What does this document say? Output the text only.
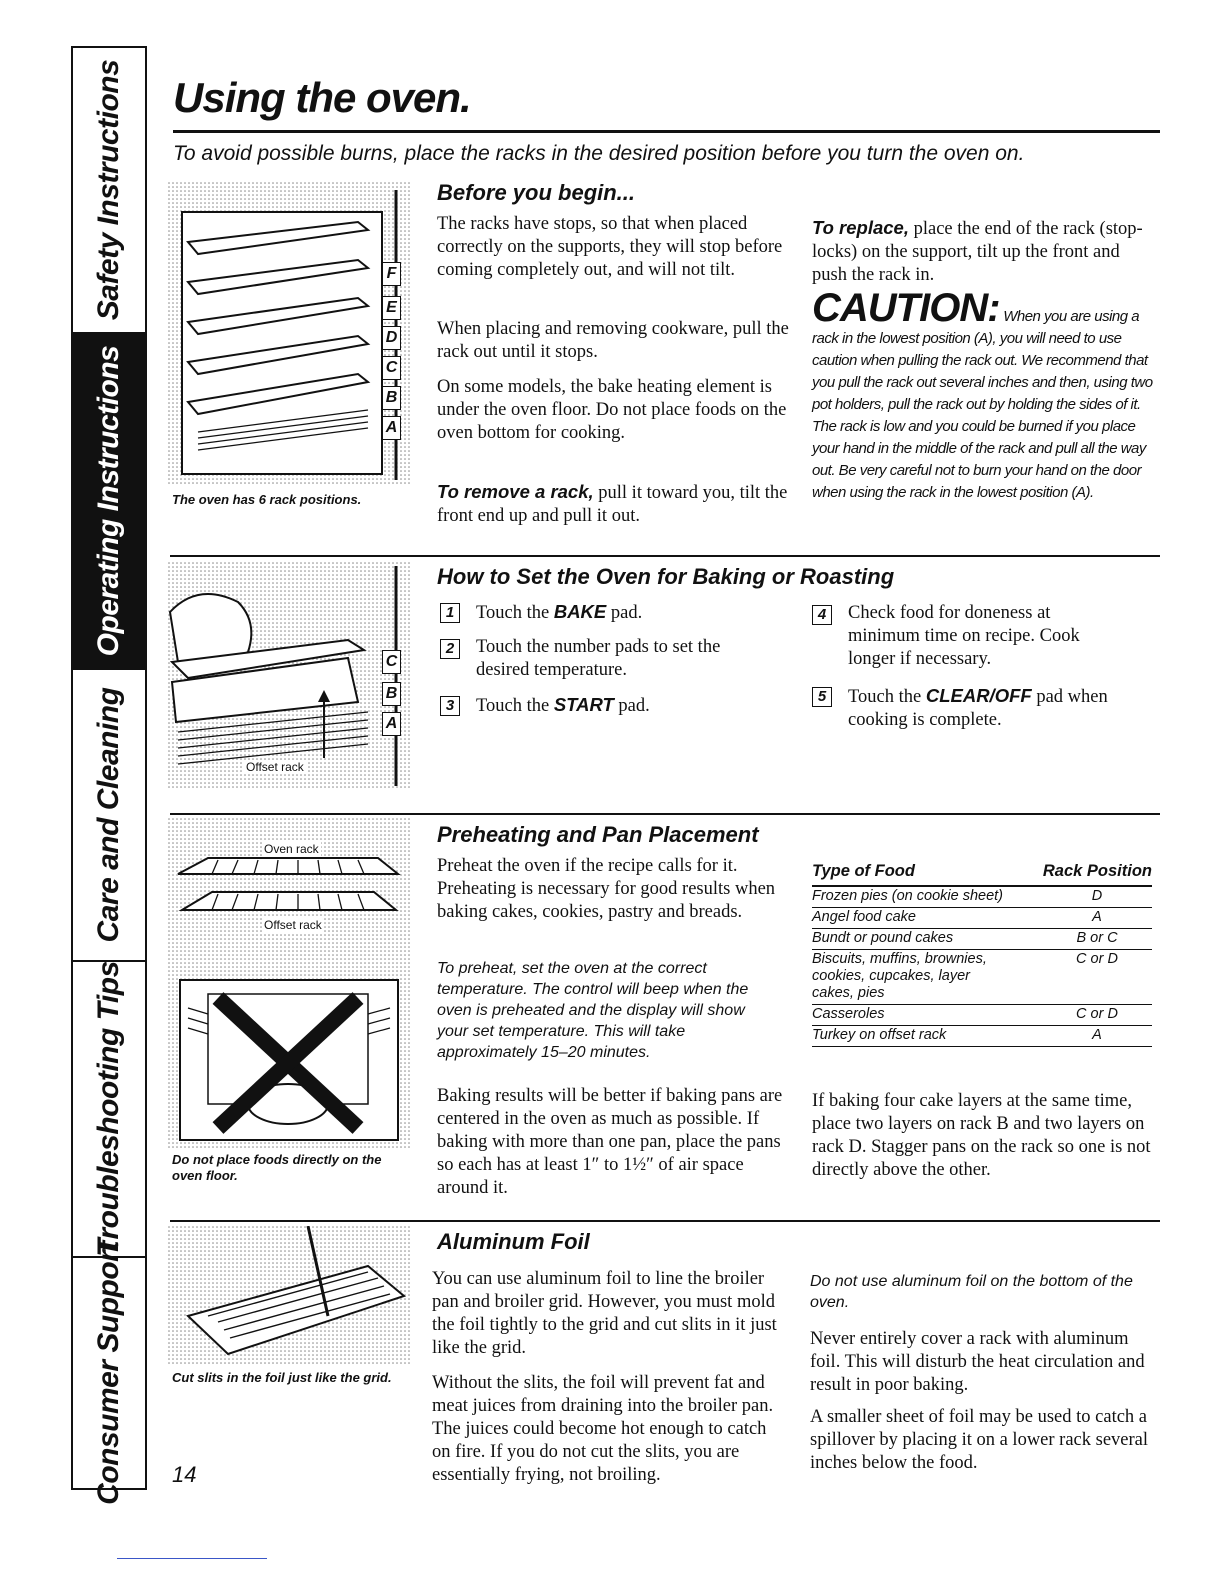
Safety Instructions
Operating Instructions
Care and Cleaning
Troubleshooting Tips
Consumer Support
Using the oven.

To avoid possible burns, place the racks in the desired position before you turn the oven on.

F
E
D
C
B
A

The oven has 6 rack positions.

Before you begin...

The racks have stops, so that when placed correctly on the supports, they will stop before coming completely out, and will not tilt.

When placing and removing cookware, pull the rack out until it stops.

On some models, the bake heating element is under the oven floor. Do not place foods on the oven bottom for cooking.

To remove a rack, pull it toward you, tilt the front end up and pull it out.

To replace, place the end of the rack (stop-locks) on the support, tilt up the front and push the rack in.

CAUTION: When you are using a rack in the lowest position (A), you will need to use caution when pulling the rack out. We recommend that you pull the rack out several inches and then, using two pot holders, pull the rack out by holding the sides of it. The rack is low and you could be burned if you place your hand in the middle of the rack and pull all the way out. Be very careful not to burn your hand on the door when using the rack in the lowest position (A).
C
B
A
Offset rack
How to Set the Oven for Baking or Roasting
1	Touch the BAKE pad.
2	Touch the number pads to set the desired temperature.
3	Touch the START pad.
4	Check food for doneness at minimum time on recipe. Cook longer if necessary.
5	Touch the CLEAR/OFF pad when cooking is complete.
Oven rack
Offset rack

Do not place foods directly on the oven floor.

Preheating and Pan Placement

Preheat the oven if the recipe calls for it. Preheating is necessary for good results when baking cakes, cookies, pastry and breads.

To preheat, set the oven at the correct temperature. The control will beep when the oven is preheated and the display will show your set temperature. This will take approximately 15–20 minutes.

Baking results will be better if baking pans are centered in the oven as much as possible. If baking with more than one pan, place the pans so each has at least 1″ to 1½″ of air space around it.

Type of Food	Rack Position
Frozen pies (on cookie sheet)	D
Angel food cake	A
Bundt or pound cakes	B or C
Biscuits, muffins, brownies, cookies, cupcakes, layer cakes, pies	C or D
Casseroles	C or D
Turkey on offset rack	A

If baking four cake layers at the same time, place two layers on rack B and two layers on rack D. Stagger pans on the rack so one is not directly above the other.

Cut slits in the foil just like the grid.

Aluminum Foil

You can use aluminum foil to line the broiler pan and broiler grid. However, you must mold the foil tightly to the grid and cut slits in it just like the grid.

Without the slits, the foil will prevent fat and meat juices from draining into the broiler pan. The juices could become hot enough to catch on fire. If you do not cut the slits, you are essentially frying, not broiling.

Do not use aluminum foil on the bottom of the oven.

Never entirely cover a rack with aluminum foil. This will disturb the heat circulation and result in poor baking.

A smaller sheet of foil may be used to catch a spillover by placing it on a lower rack several inches below the food.

14
